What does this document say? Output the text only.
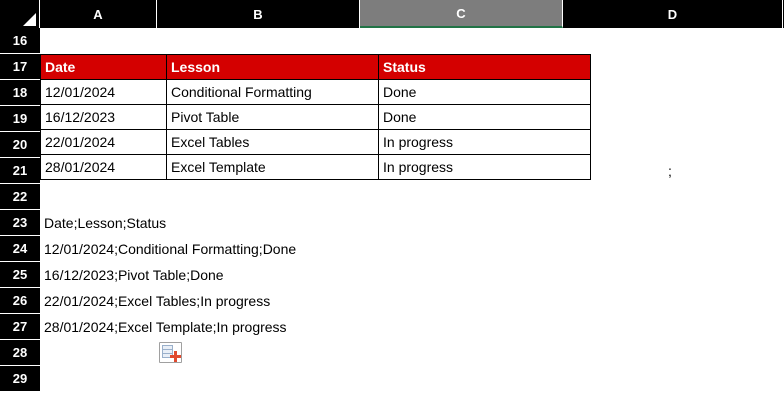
A	B	C	D
16
17
18
19
20
21
22
23
24
25
26
27
28
29
Date	Lesson	Status
12/01/2024	Conditional Formatting	Done
16/12/2023	Pivot Table	Done
22/01/2024	Excel Tables	In progress
28/01/2024	Excel Template	In progress	;
Date;Lesson;Status
12/01/2024;Conditional Formatting;Done
16/12/2023;Pivot Table;Done
22/01/2024;Excel Tables;In progress
28/01/2024;Excel Template;In progress
